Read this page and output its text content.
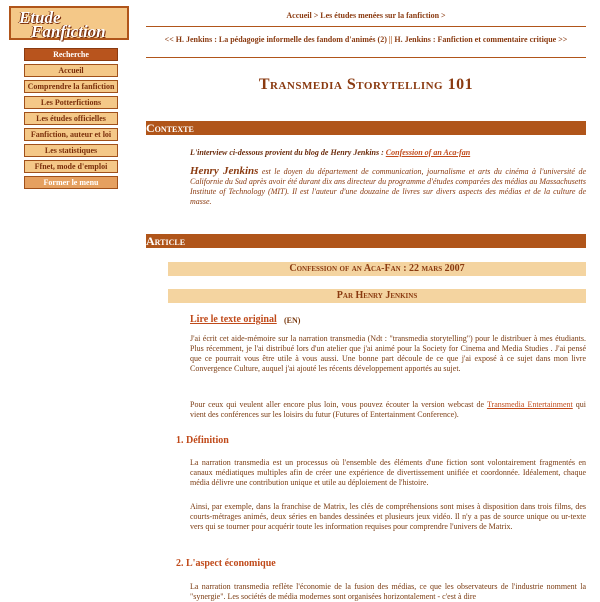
Etude
Fanfiction
Recherche
Accueil
Comprendre la fanfiction
Les Potterfictions
Les études officielles
Fanfiction, auteur et loi
Les statistiques
Ffnet, mode d'emploi
Former le menu
Accueil > Les études menées sur la fanfiction >
<< H. Jenkins : La pédagogie informelle des fandom d'animés (2) || H. Jenkins : Fanfiction et commentaire critique >>
Transmedia Storytelling 101
Contexte
L'interview ci-dessous provient du blog de Henry Jenkins : Confession of an Aca-fan
Henry Jenkins est le doyen du département de communication, journalisme et arts du cinéma à l'université de Californie du Sud après avoir été durant dix ans directeur du programme d'études comparées des médias au Massachusetts Institute of Technology (MIT). Il est l'auteur d'une douzaine de livres sur divers aspects des médias et de la culture de masse.
Article
Confession of an Aca-Fan : 22 mars 2007
Par Henry Jenkins
Lire le texte original (EN)
J'ai écrit cet aide-mémoire sur la narration transmedia (Ndt : "transmedia storytelling") pour le distribuer à mes étudiants. Plus récemment, je l'ai distribué lors d'un atelier que j'ai animé pour la Society for Cinema and Media Studies . J'ai pensé que ce pourrait vous être utile à vous aussi. Une bonne part découle de ce que j'ai exposé à ce sujet dans mon livre Convergence Culture, auquel j'ai ajouté les récents développement apportés au sujet.
Pour ceux qui veulent aller encore plus loin, vous pouvez écouter la version webcast de Transmedia Entertainment qui vient des conférences sur les loisirs du futur (Futures of Entertainment Conference).
1. Définition
La narration transmedia est un processus où l'ensemble des éléments d'une fiction sont volontairement fragmentés en canaux médiatiques multiples afin de créer une expérience de divertissement unifiée et coordonnée. Idéalement, chaque média délivre une contribution unique et utile au déploiement de l'histoire.
Ainsi, par exemple, dans la franchise de Matrix, les clés de compréhensions sont mises à disposition dans trois films, des courts-métrages animés, deux séries en bandes dessinées et plusieurs jeux vidéo. Il n'y a pas de source unique ou ur-texte vers qui se tourner pour acquérir toute les information requises pour comprendre l'univers de Matrix.
2. L'aspect économique
La narration transmedia reflète l'économie de la fusion des médias, ce que les observateurs de l'industrie nomment la "synergie". Les sociétés de média modernes sont organisées horizontalement - c'est à dire
